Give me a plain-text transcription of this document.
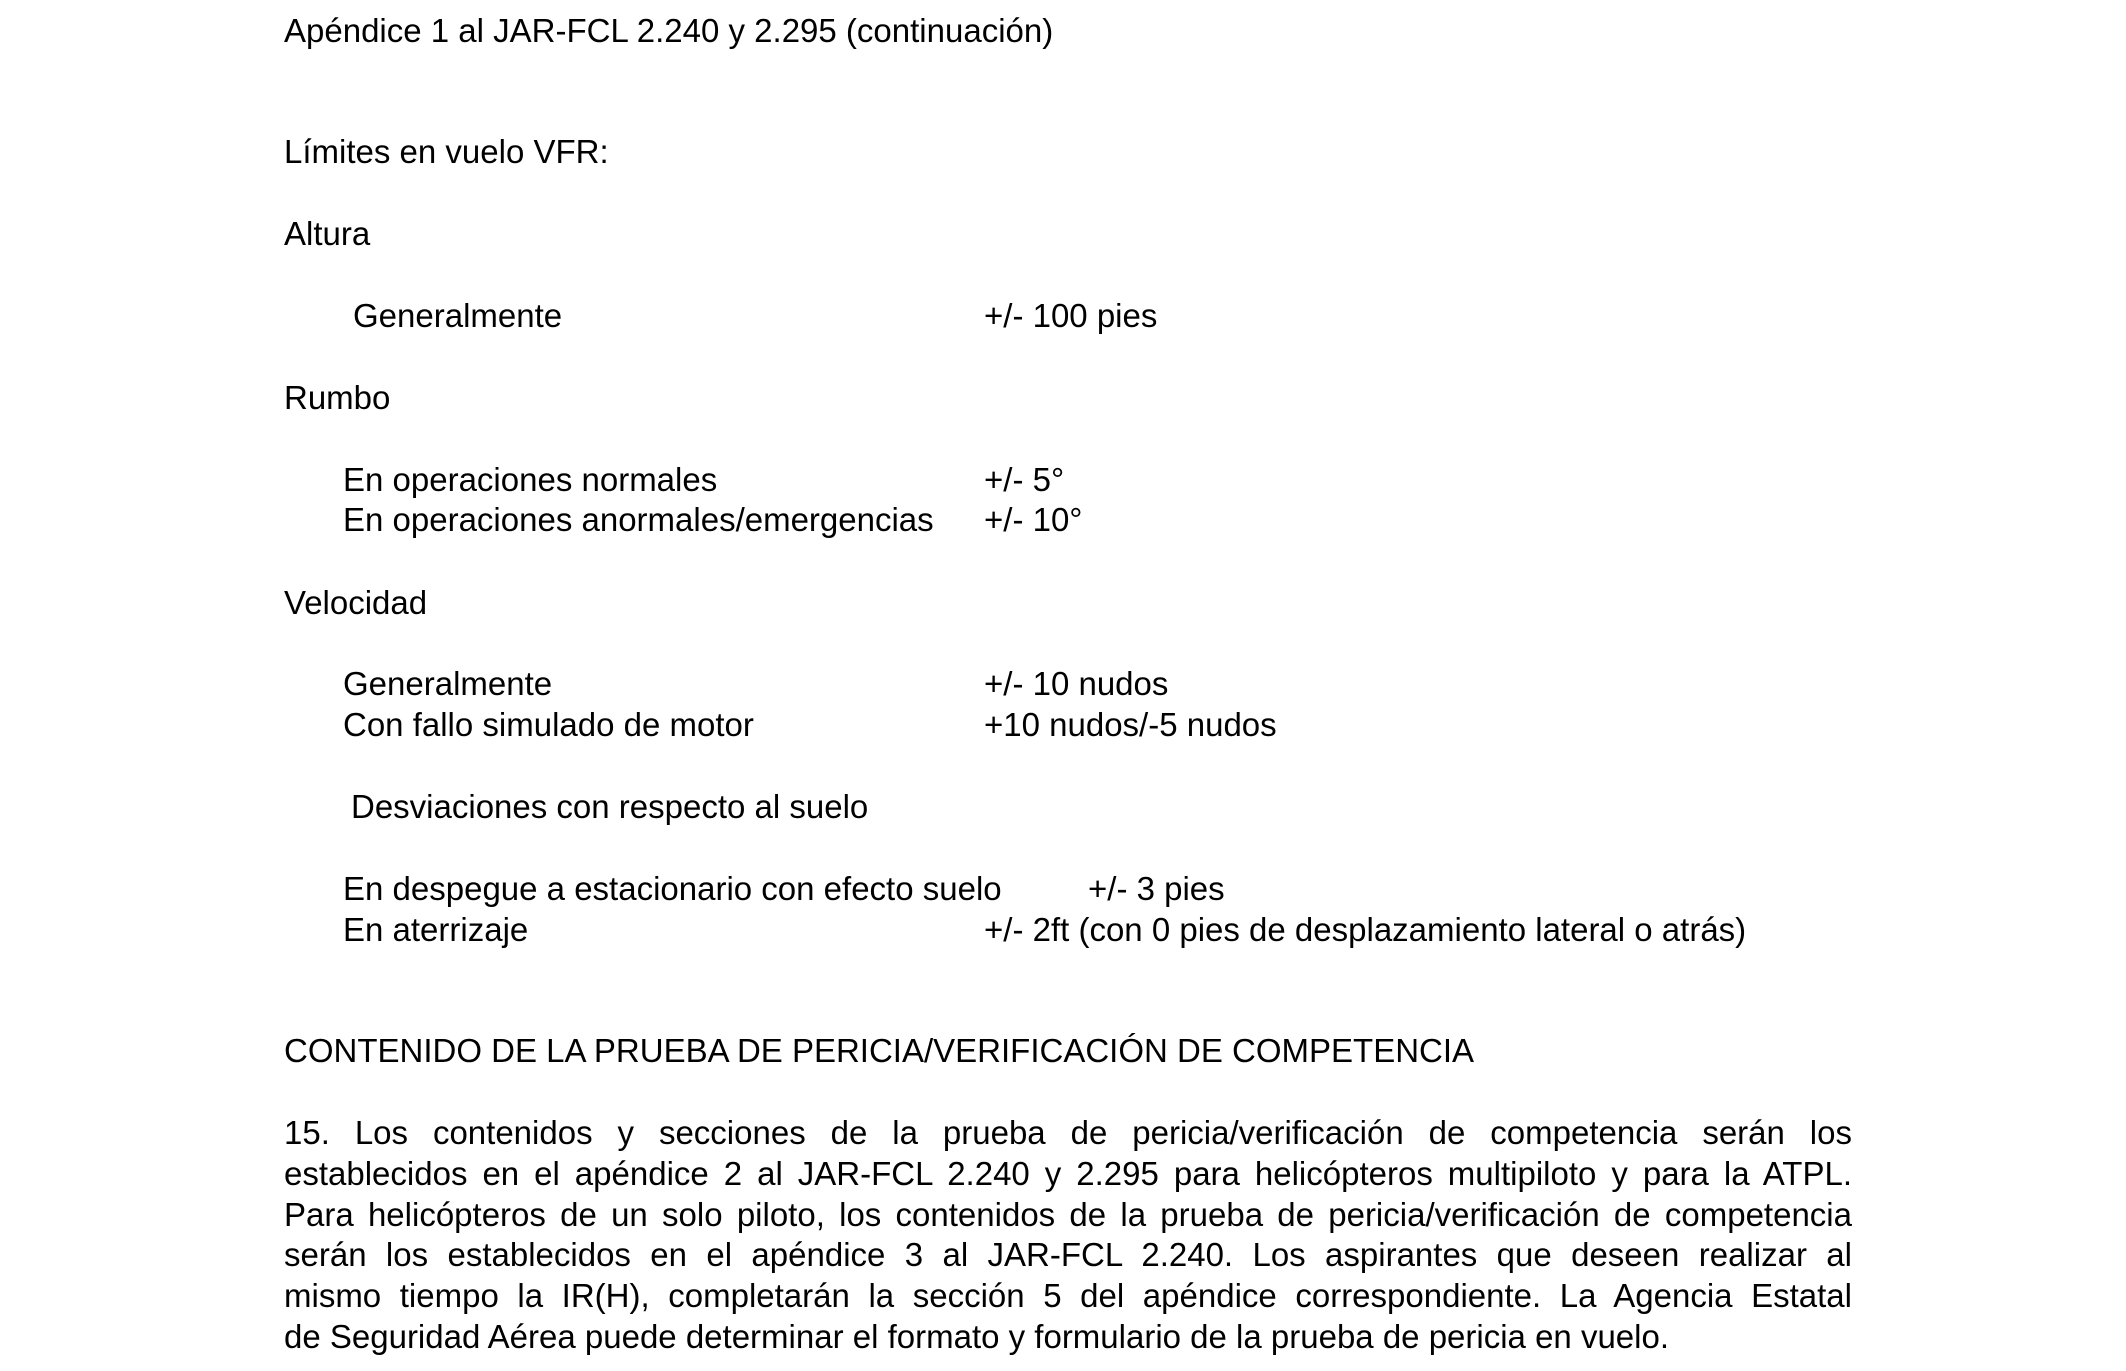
Apéndice 1 al JAR-FCL 2.240 y 2.295 (continuación)
Límites en vuelo VFR:
Altura
Generalmente	+/- 100 pies
Rumbo
En operaciones normales	+/- 5°
En operaciones anormales/emergencias +/- 10°
Velocidad
Generalmente	+/- 10 nudos
Con fallo simulado de motor	+10 nudos/-5 nudos
Desviaciones con respecto al suelo
En despegue a estacionario con efecto suelo	+/- 3 pies
En aterrizaje	+/- 2ft (con 0 pies de desplazamiento lateral o atrás)
CONTENIDO DE LA PRUEBA DE PERICIA/VERIFICACIÓN DE COMPETENCIA
15. Los contenidos y secciones de la prueba de pericia/verificación de competencia serán los
establecidos en el apéndice 2 al JAR-FCL 2.240 y 2.295 para helicópteros multipiloto y para la ATPL.
Para helicópteros de un solo piloto, los contenidos de la prueba de pericia/verificación de competencia
serán los establecidos en el apéndice 3 al JAR-FCL 2.240. Los aspirantes que deseen realizar al
mismo tiempo la IR(H), completarán la sección 5 del apéndice correspondiente. La Agencia Estatal
de Seguridad Aérea puede determinar el formato y formulario de la prueba de pericia en vuelo.
